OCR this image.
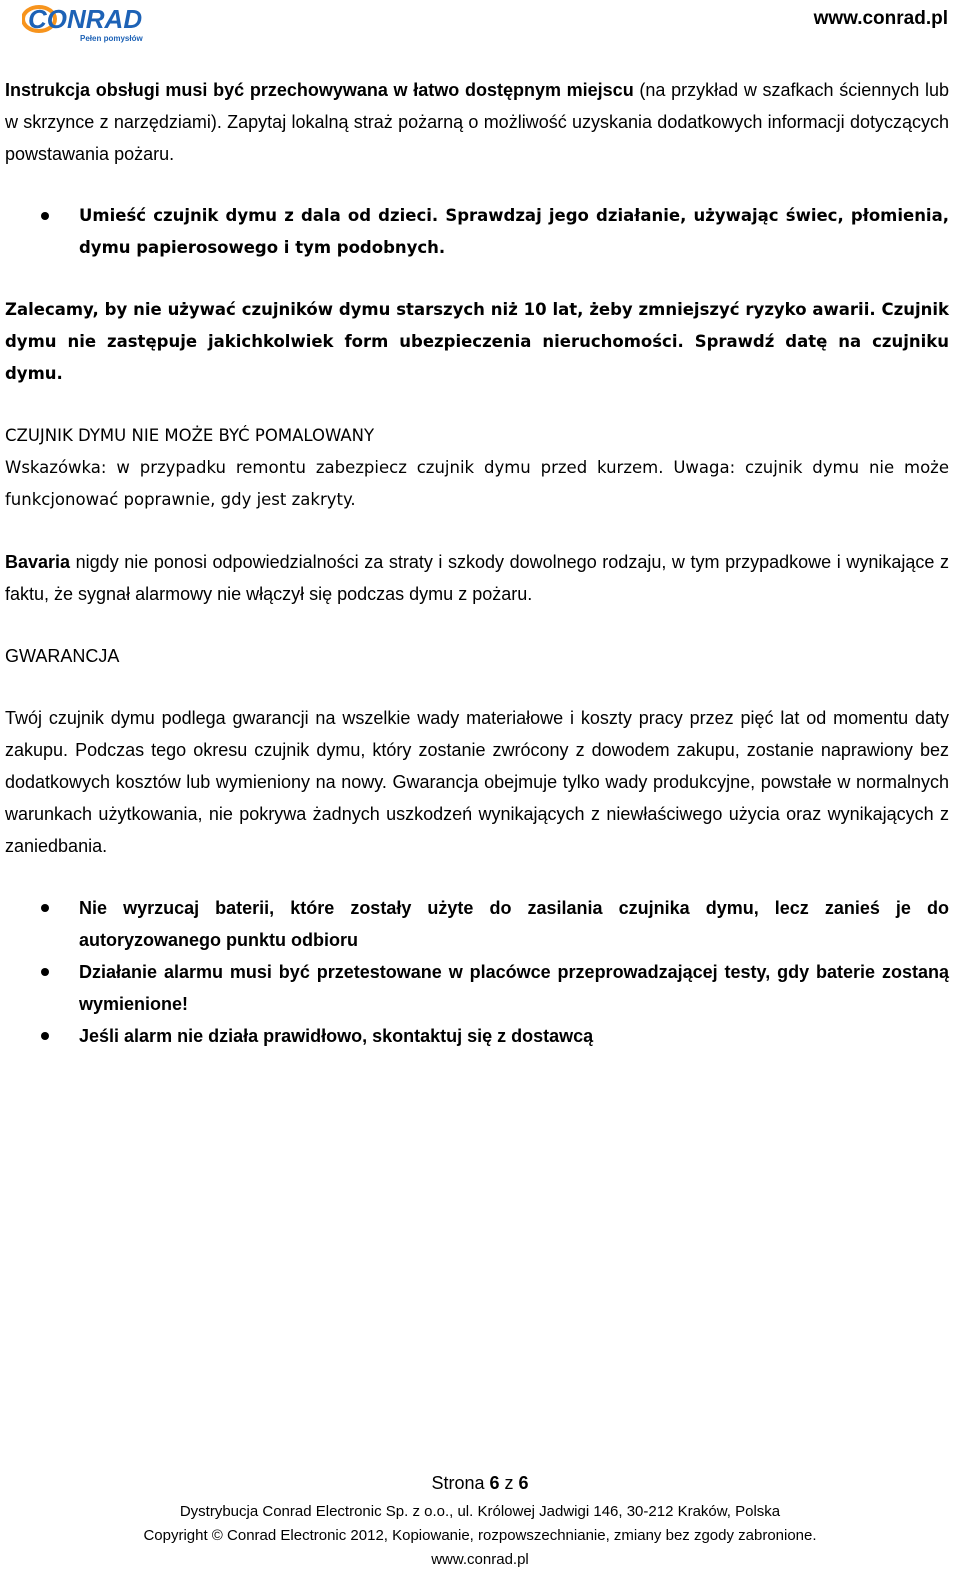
CONRAD
Pełen pomysłów
www.conrad.pl

Instrukcja obsługi musi być przechowywana w łatwo dostępnym miejscu (na przykład w szafkach ściennych lub w skrzynce z narzędziami). Zapytaj lokalną straż pożarną o możliwość uzyskania dodatkowych informacji dotyczących powstawania pożaru.

Umieść czujnik dymu z dala od dzieci. Sprawdzaj jego działanie, używając świec, płomienia, dymu papierosowego i tym podobnych.

Zalecamy, by nie używać czujników dymu starszych niż 10 lat, żeby zmniejszyć ryzyko awarii. Czujnik dymu nie zastępuje jakichkolwiek form ubezpieczenia nieruchomości. Sprawdź datę na czujniku dymu.

CZUJNIK DYMU NIE MOŻE BYĆ POMALOWANY

Wskazówka: w przypadku remontu zabezpiecz czujnik dymu przed kurzem. Uwaga: czujnik dymu nie może funkcjonować poprawnie, gdy jest zakryty.

Bavaria nigdy nie ponosi odpowiedzialności za straty i szkody dowolnego rodzaju, w tym przypadkowe i wynikające z faktu, że sygnał alarmowy nie włączył się podczas dymu z pożaru.

GWARANCJA

Twój czujnik dymu podlega gwarancji na wszelkie wady materiałowe i koszty pracy przez pięć lat od momentu daty zakupu. Podczas tego okresu czujnik dymu, który zostanie zwrócony z dowodem zakupu, zostanie naprawiony bez dodatkowych kosztów lub wymieniony na nowy. Gwarancja obejmuje tylko wady produkcyjne, powstałe w normalnych warunkach użytkowania, nie pokrywa żadnych uszkodzeń wynikających z niewłaściwego użycia oraz wynikających z zaniedbania.

Nie wyrzucaj baterii, które zostały użyte do zasilania czujnika dymu, lecz zanieś je do autoryzowanego punktu odbioru
Działanie alarmu musi być przetestowane w placówce przeprowadzającej testy, gdy baterie zostaną wymienione!
Jeśli alarm nie działa prawidłowo, skontaktuj się z dostawcą
Strona 6 z 6
Dystrybucja Conrad Electronic Sp. z o.o., ul. Królowej Jadwigi 146, 30-212 Kraków, Polska
Copyright © Conrad Electronic 2012, Kopiowanie, rozpowszechnianie, zmiany bez zgody zabronione.
www.conrad.pl
